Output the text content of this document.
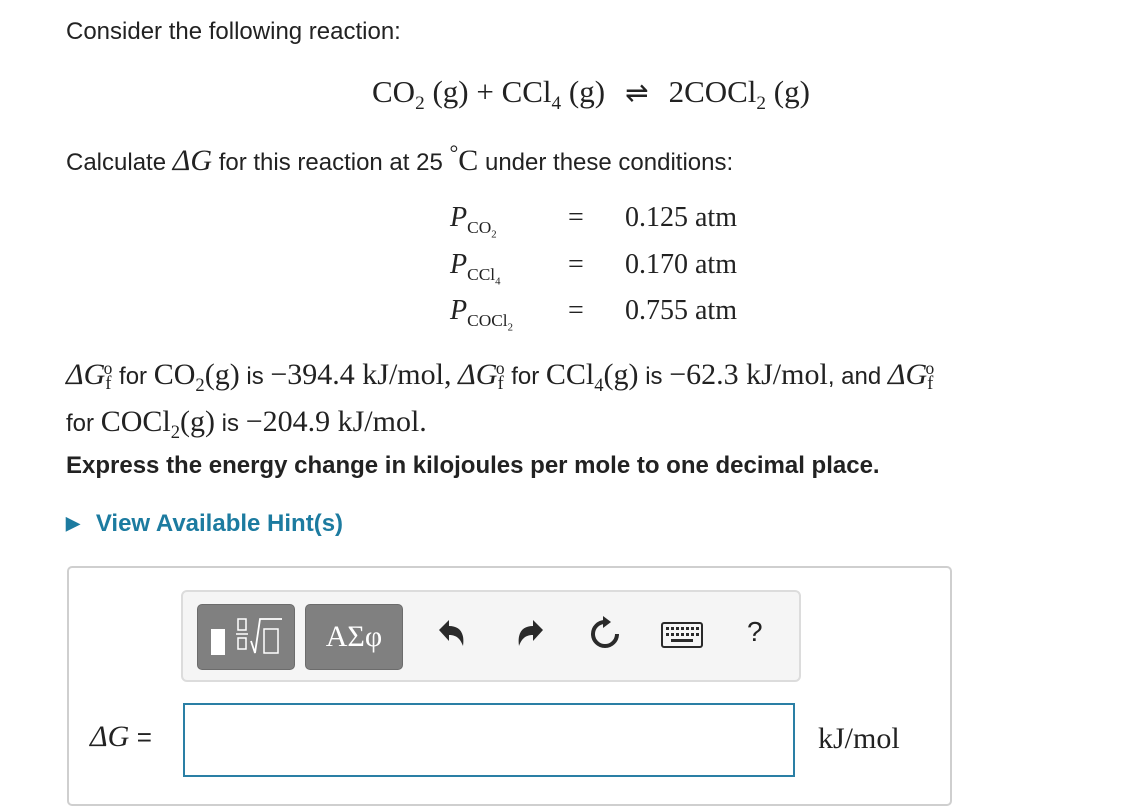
Consider the following reaction:
$CO_2$ (g) + CCl$_4$ (g) ⇌ 2COCl$_2$ (g)
Calculate ΔG for this reaction at 25 °C under these conditions:
$P_{CO_2}$
= 0.125 atm
$P_{CCl_4}$
= 0.170 atm
$P_{COCl_2}$
= 0.755 atm
ΔGf$^o$ for $CO_2(g)$ is −394.4 kJ/mol, ΔGf$^o$ for CCl$_4$(g) is −62.3 kJ/mol, and ΔGf$^o$
for COCl$_2$(g) is −204.9 kJ/mol.
Express the energy change in kilojoules per mole to one decimal place.
▶ View Available Hint(s)
ΑΣφ	?
ΔG =	kJ/mol
